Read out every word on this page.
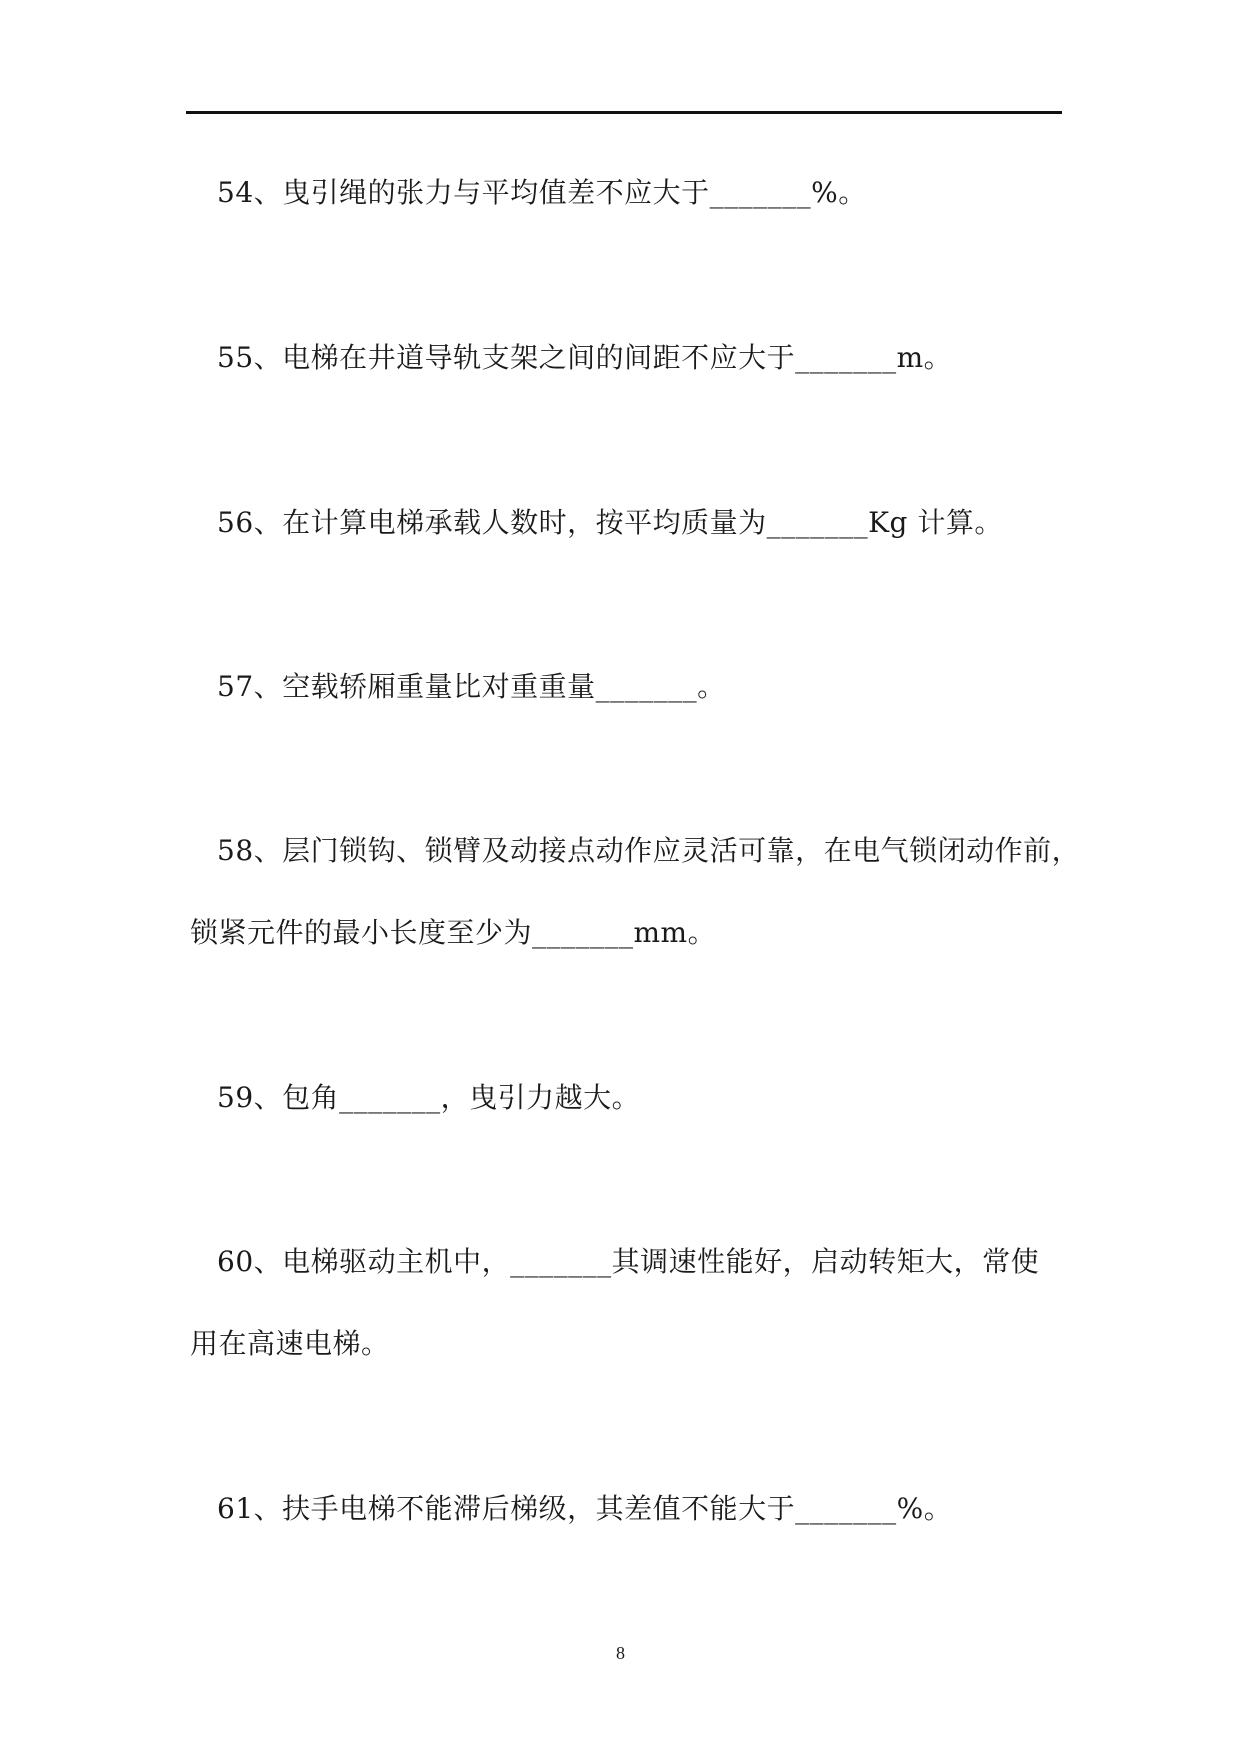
54、曳引绳的张力与平均值差不应大于_______%。
55、电梯在井道导轨支架之间的间距不应大于_______m。
56、在计算电梯承载人数时，按平均质量为_______Kg 计算。
57、空载轿厢重量比对重重量_______。
58、层门锁钩、锁臂及动接点动作应灵活可靠，在电气锁闭动作前，
锁紧元件的最小长度至少为_______mm。
59、包角_______，曳引力越大。
60、电梯驱动主机中，_______其调速性能好，启动转矩大，常使
用在高速电梯。
61、扶手电梯不能滞后梯级，其差值不能大于_______%。
8
